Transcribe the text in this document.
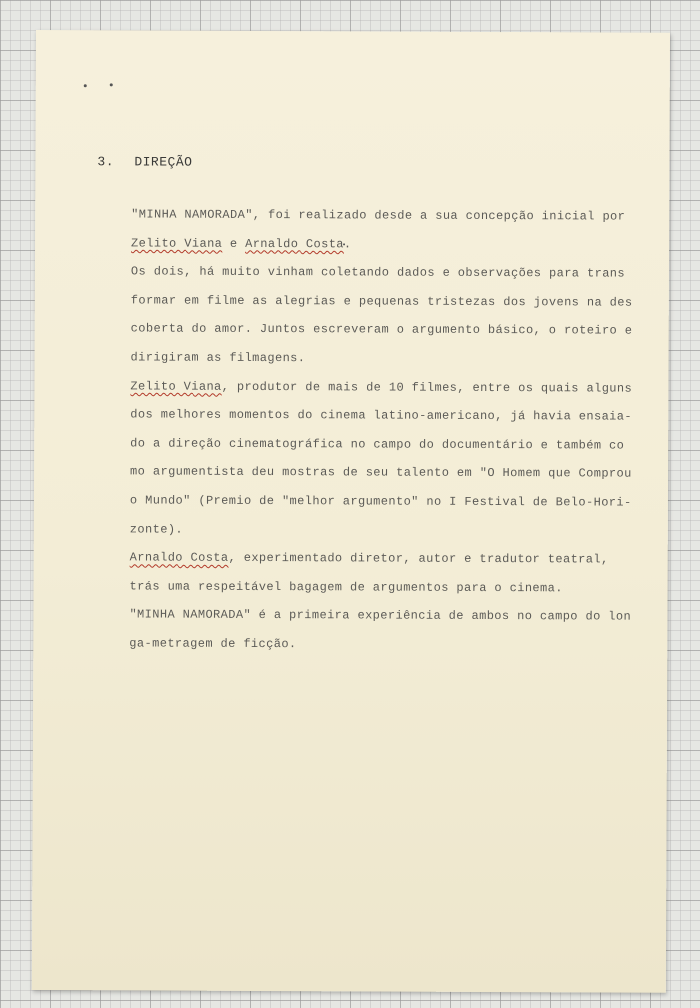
3. DIREÇÃO
"MINHA NAMORADA", foi realizado desde a sua concepção inicial por
Zelito Viana e Arnaldo Costa.
Os dois, há muito vinham coletando dados e observações para trans
formar em filme as alegrias e pequenas tristezas dos jovens na des
coberta do amor. Juntos escreveram o argumento básico, o roteiro e
dirigiram as filmagens.
Zelito Viana, produtor de mais de 10 filmes, entre os quais alguns
dos melhores momentos do cinema latino-americano, já havia ensaia-
do a direção cinematográfica no campo do documentário e também co
mo argumentista deu mostras de seu talento em "O Homem que Comprou
o Mundo" (Premio de "melhor argumento" no I Festival de Belo-Hori-
zonte).
Arnaldo Costa, experimentado diretor, autor e tradutor teatral,
trás uma respeitável bagagem de argumentos para o cinema.
"MINHA NAMORADA" é a primeira experiência de ambos no campo do lon
ga-metragem de ficção.
